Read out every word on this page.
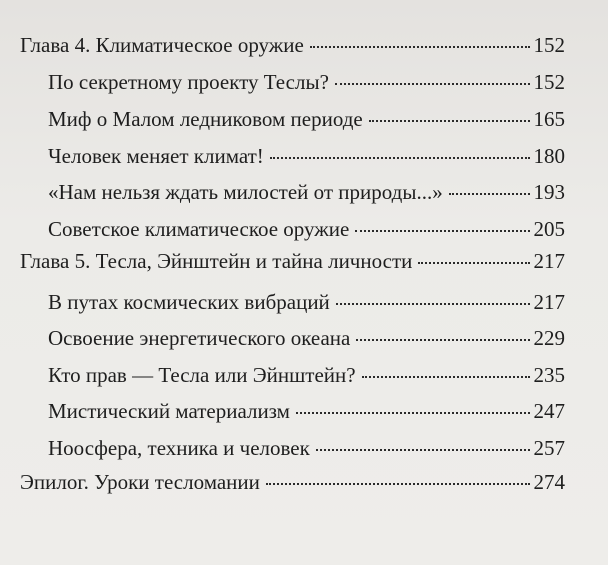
Глава 4. Климатическое оружие	152
По секретному проекту Теслы?	152
Миф о Малом ледниковом периоде	165
Человек меняет климат!	180
«Нам нельзя ждать милостей от природы...»	193
Советское климатическое оружие	205
Глава 5. Тесла, Эйнштейн и тайна личности	217
В путах космических вибраций	217
Освоение энергетического океана	229
Кто прав — Тесла или Эйнштейн?	235
Мистический материализм	247
Ноосфера, техника и человек	257
Эпилог. Уроки тесломании	274
